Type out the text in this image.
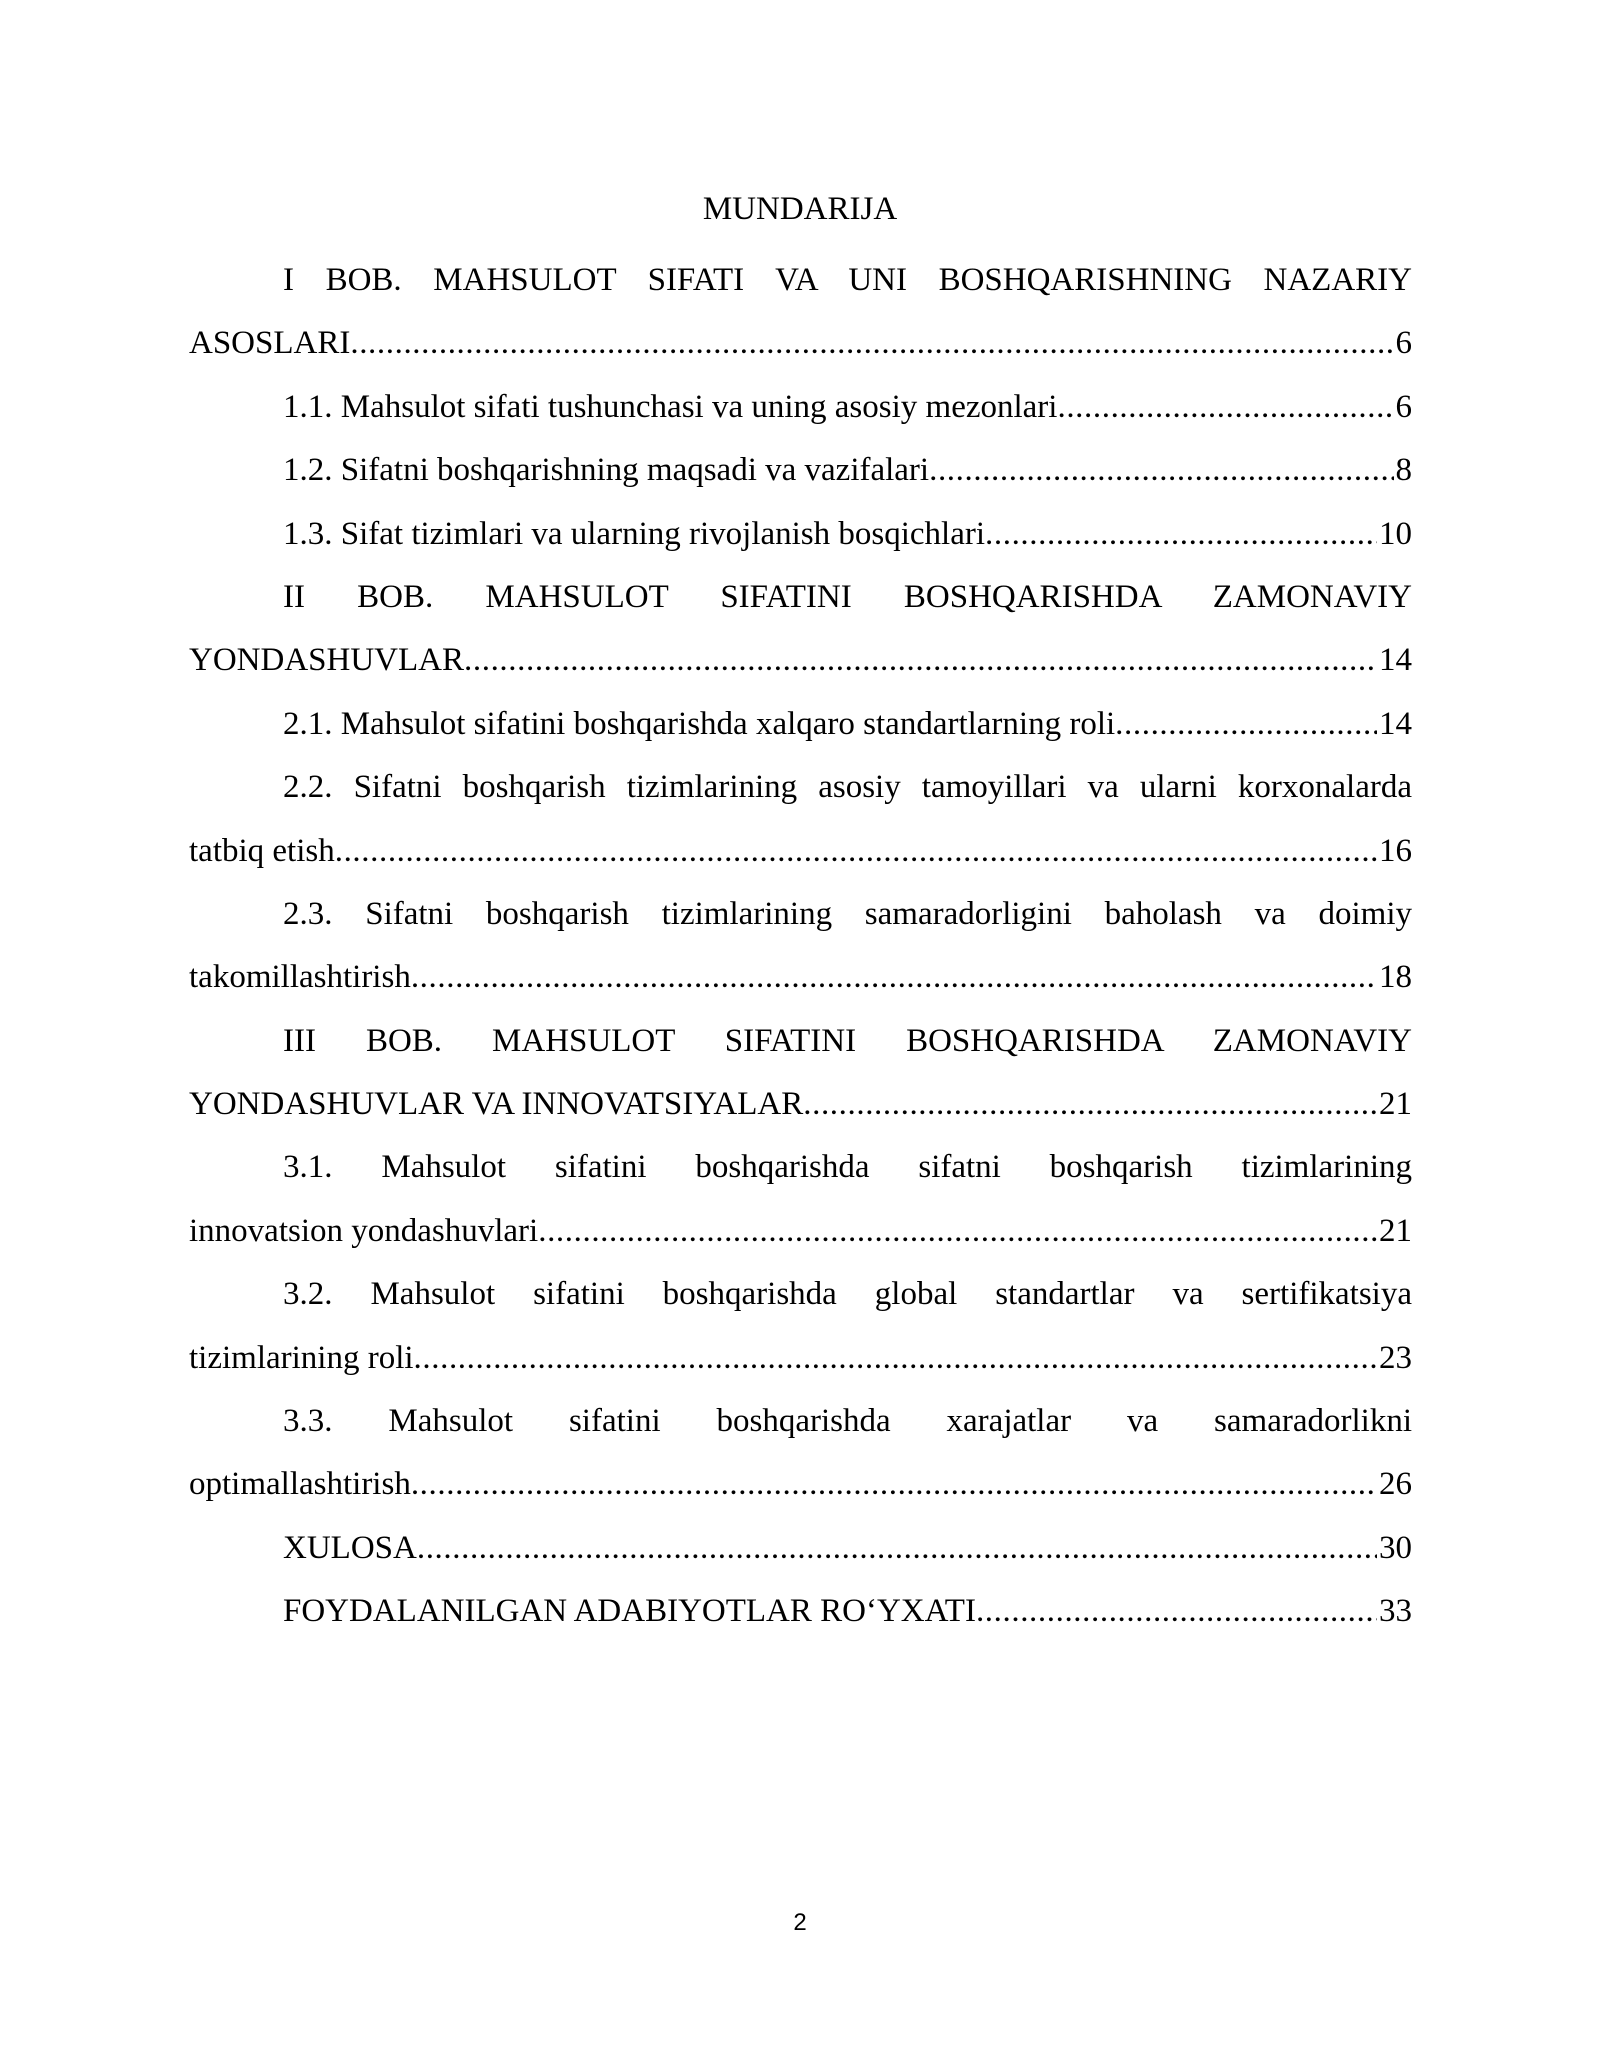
MUNDARIJA
I BOB. MAHSULOT SIFATI VA UNI BOSHQARISHNING NAZARIY
ASOSLARI .....	6
1.1. Mahsulot sifati tushunchasi va uning asosiy mezonlari .....	6
1.2. Sifatni boshqarishning maqsadi va vazifalari .....	8
1.3. Sifat tizimlari va ularning rivojlanish bosqichlari .....	10
II BOB. MAHSULOT SIFATINI BOSHQARISHDA ZAMONAVIY
YONDASHUVLAR .....	14
2.1. Mahsulot sifatini boshqarishda xalqaro standartlarning roli .....	14
2.2. Sifatni boshqarish tizimlarining asosiy tamoyillari va ularni korxonalarda
tatbiq etish .....	16
2.3. Sifatni boshqarish tizimlarining samaradorligini baholash va doimiy
takomillashtirish .....	18
III BOB. MAHSULOT SIFATINI BOSHQARISHDA ZAMONAVIY
YONDASHUVLAR VA INNOVATSIYALAR .....	21
3.1. Mahsulot sifatini boshqarishda sifatni boshqarish tizimlarining
innovatsion yondashuvlari .....	21
3.2. Mahsulot sifatini boshqarishda global standartlar va sertifikatsiya
tizimlarining roli .....	23
3.3. Mahsulot sifatini boshqarishda xarajatlar va samaradorlikni
optimallashtirish .....	26
XULOSA .....	30
FOYDALANILGAN ADABIYOTLAR RO‘YXATI .....	33
2
